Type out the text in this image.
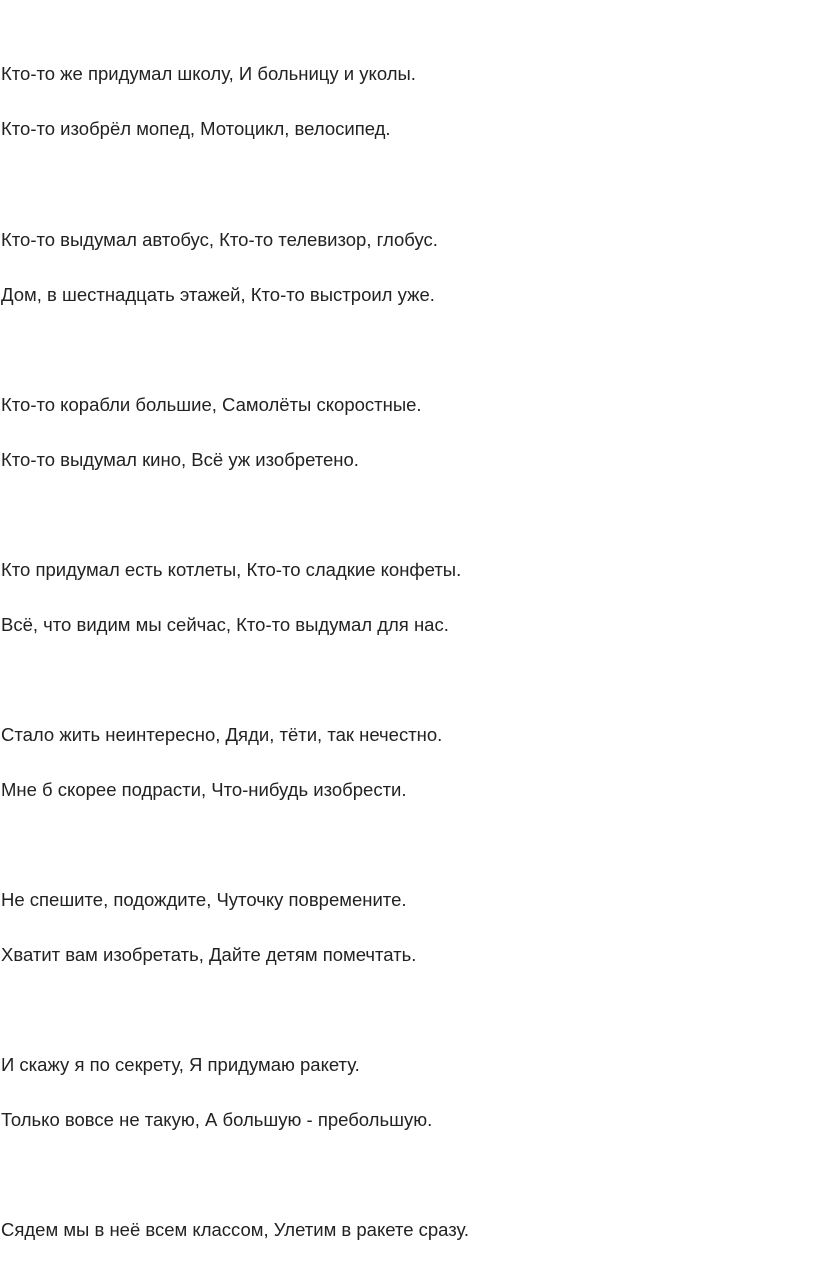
Кто-то же придумал школу, И больницу и уколы.

Кто-то изобрёл мопед, Мотоцикл, велосипед.

Кто-то выдумал автобус, Кто-то телевизор, глобус.

Дом, в шестнадцать этажей, Кто-то выстроил уже.

Кто-то корабли большие, Самолёты скоростные.

Кто-то выдумал кино, Всё уж изобретено.

Кто придумал есть котлеты, Кто-то сладкие конфеты.

Всё, что видим мы сейчас, Кто-то выдумал для нас.

Стало жить неинтересно, Дяди, тёти, так нечестно.

Мне б скорее подрасти, Что-нибудь изобрести.

Не спешите, подождите, Чуточку повремените.

Хватит вам изобретать, Дайте детям помечтать.

И скажу я по секрету, Я придумаю ракету.

Только вовсе не такую, А большую - пребольшую.

Сядем мы в неё всем классом, Улетим в ракете сразу.
